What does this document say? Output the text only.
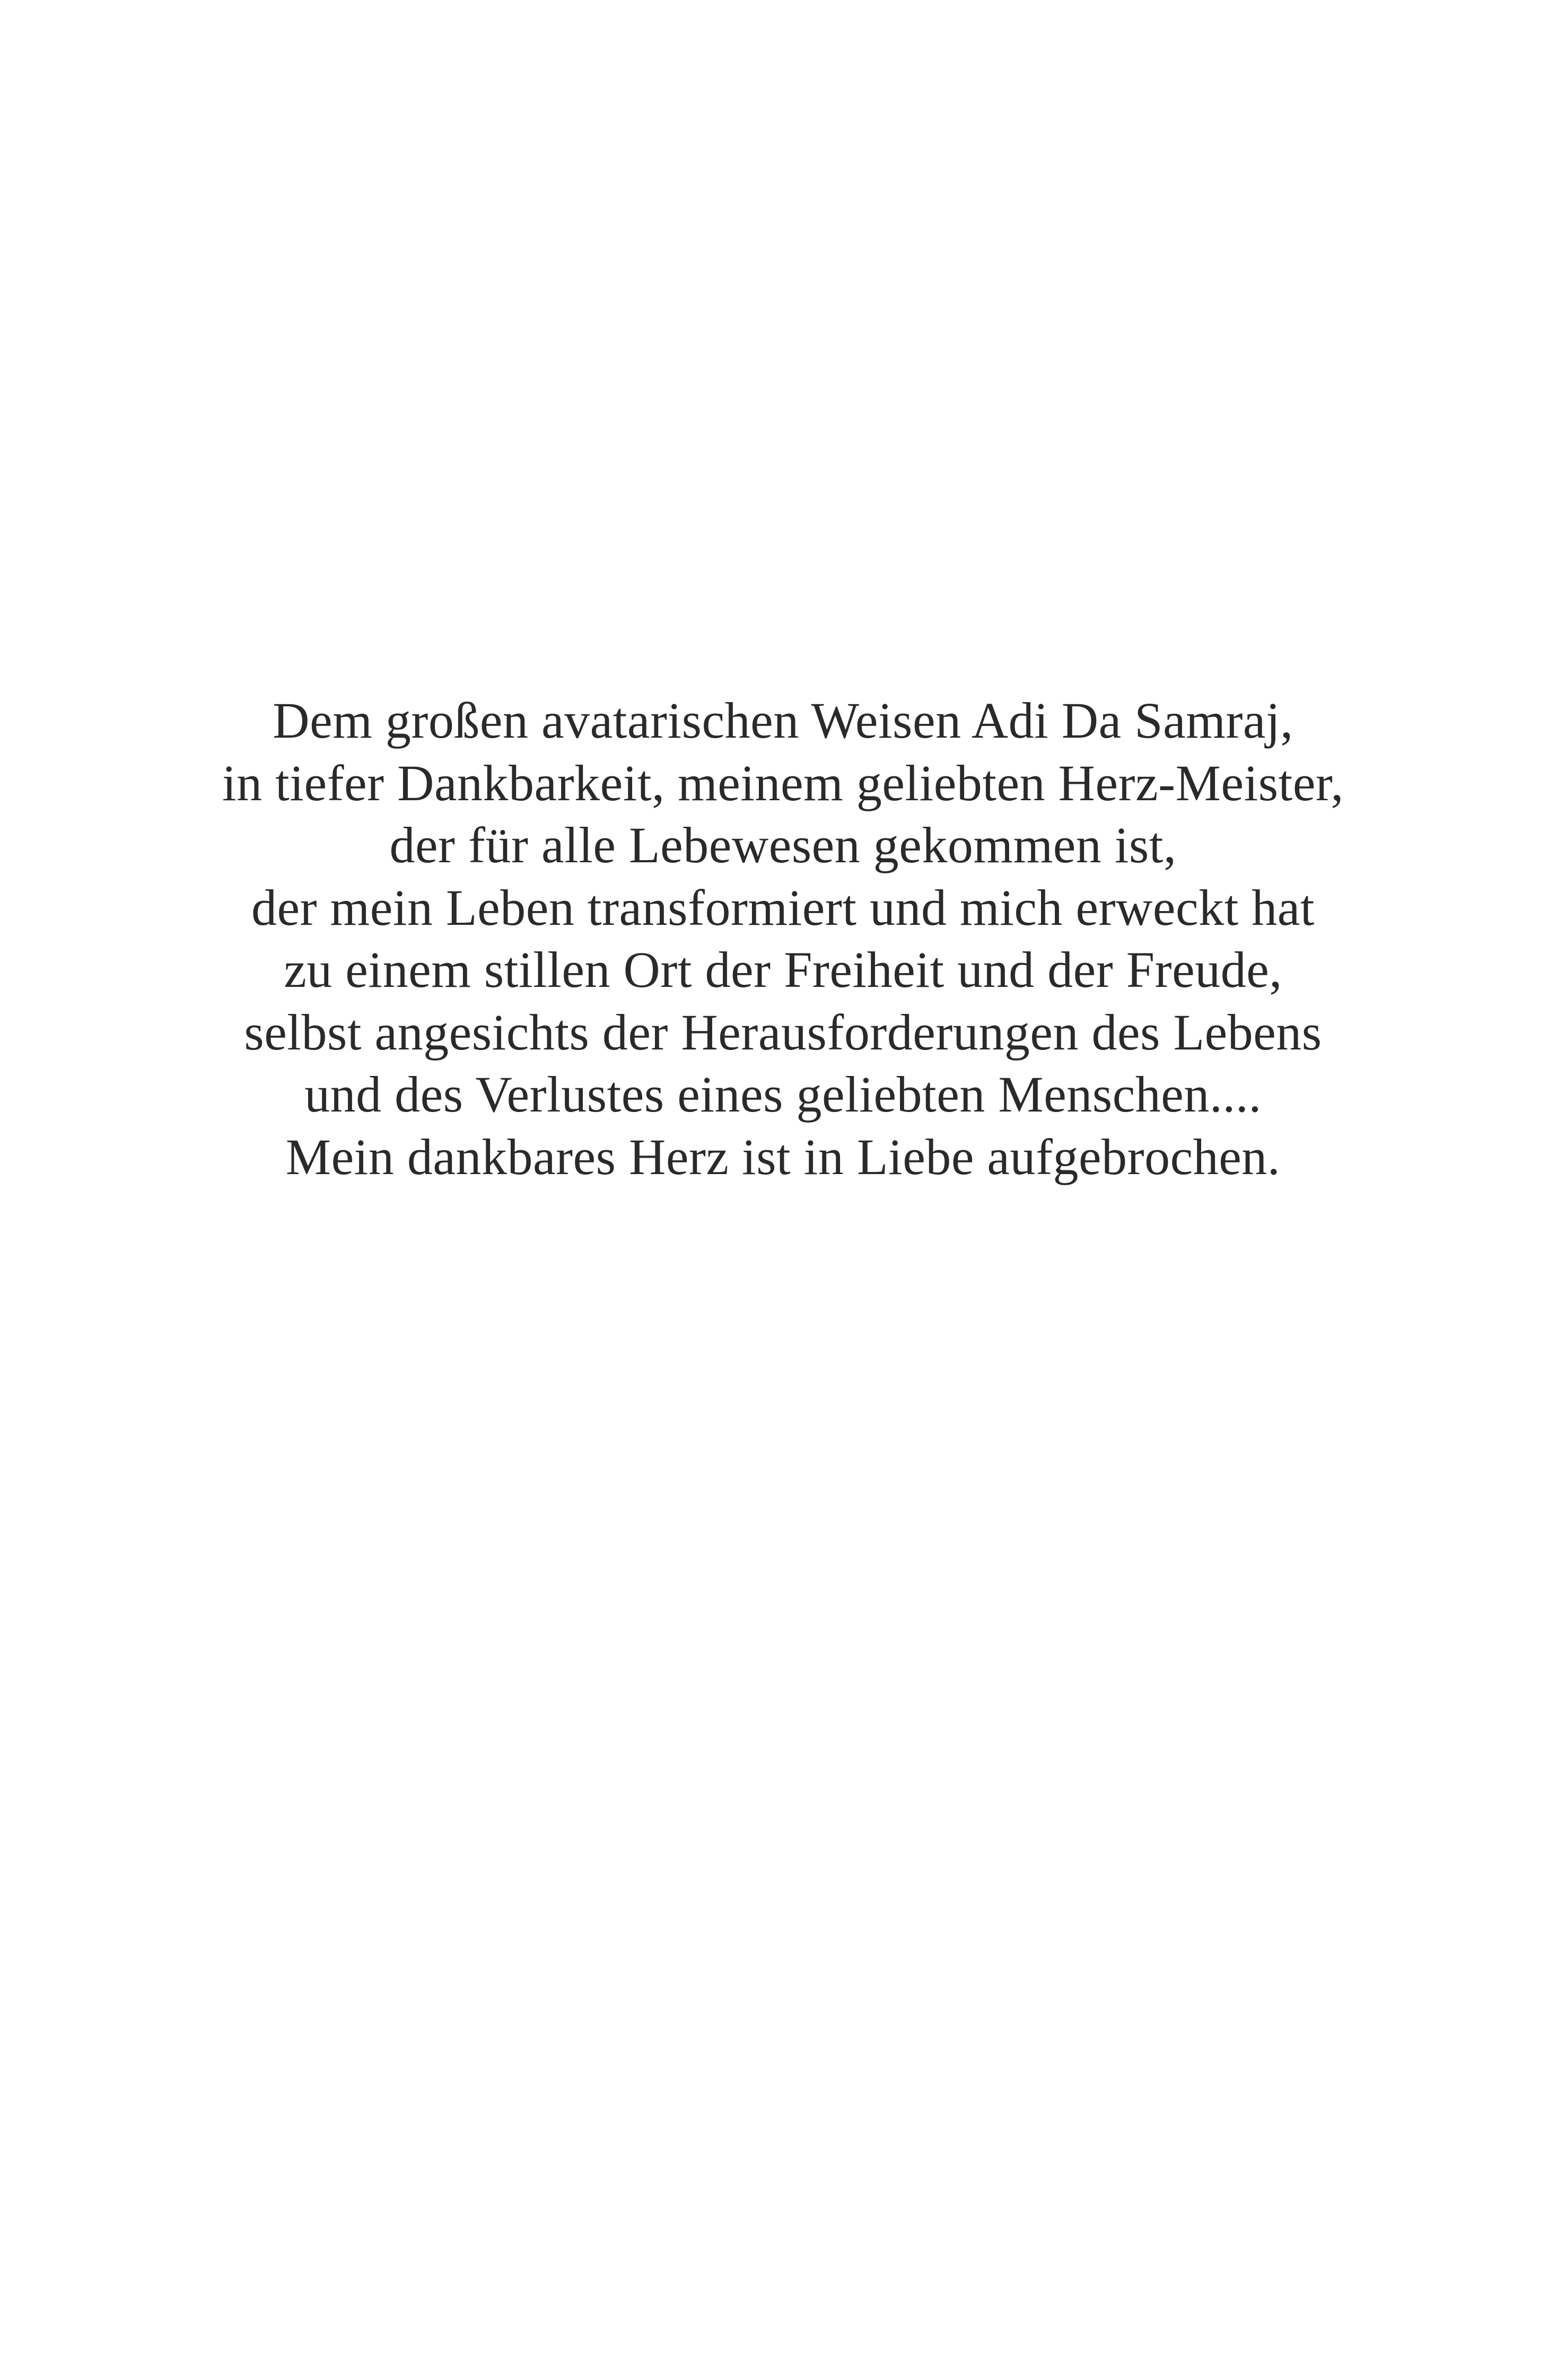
Dem großen avatarischen Weisen Adi Da Samraj,
in tiefer Dankbarkeit, meinem geliebten Herz-Meister,
der für alle Lebewesen gekommen ist,
der mein Leben transformiert und mich erweckt hat
zu einem stillen Ort der Freiheit und der Freude,
selbst angesichts der Herausforderungen des Lebens
und des Verlustes eines geliebten Menschen....
Mein dankbares Herz ist in Liebe aufgebrochen.
